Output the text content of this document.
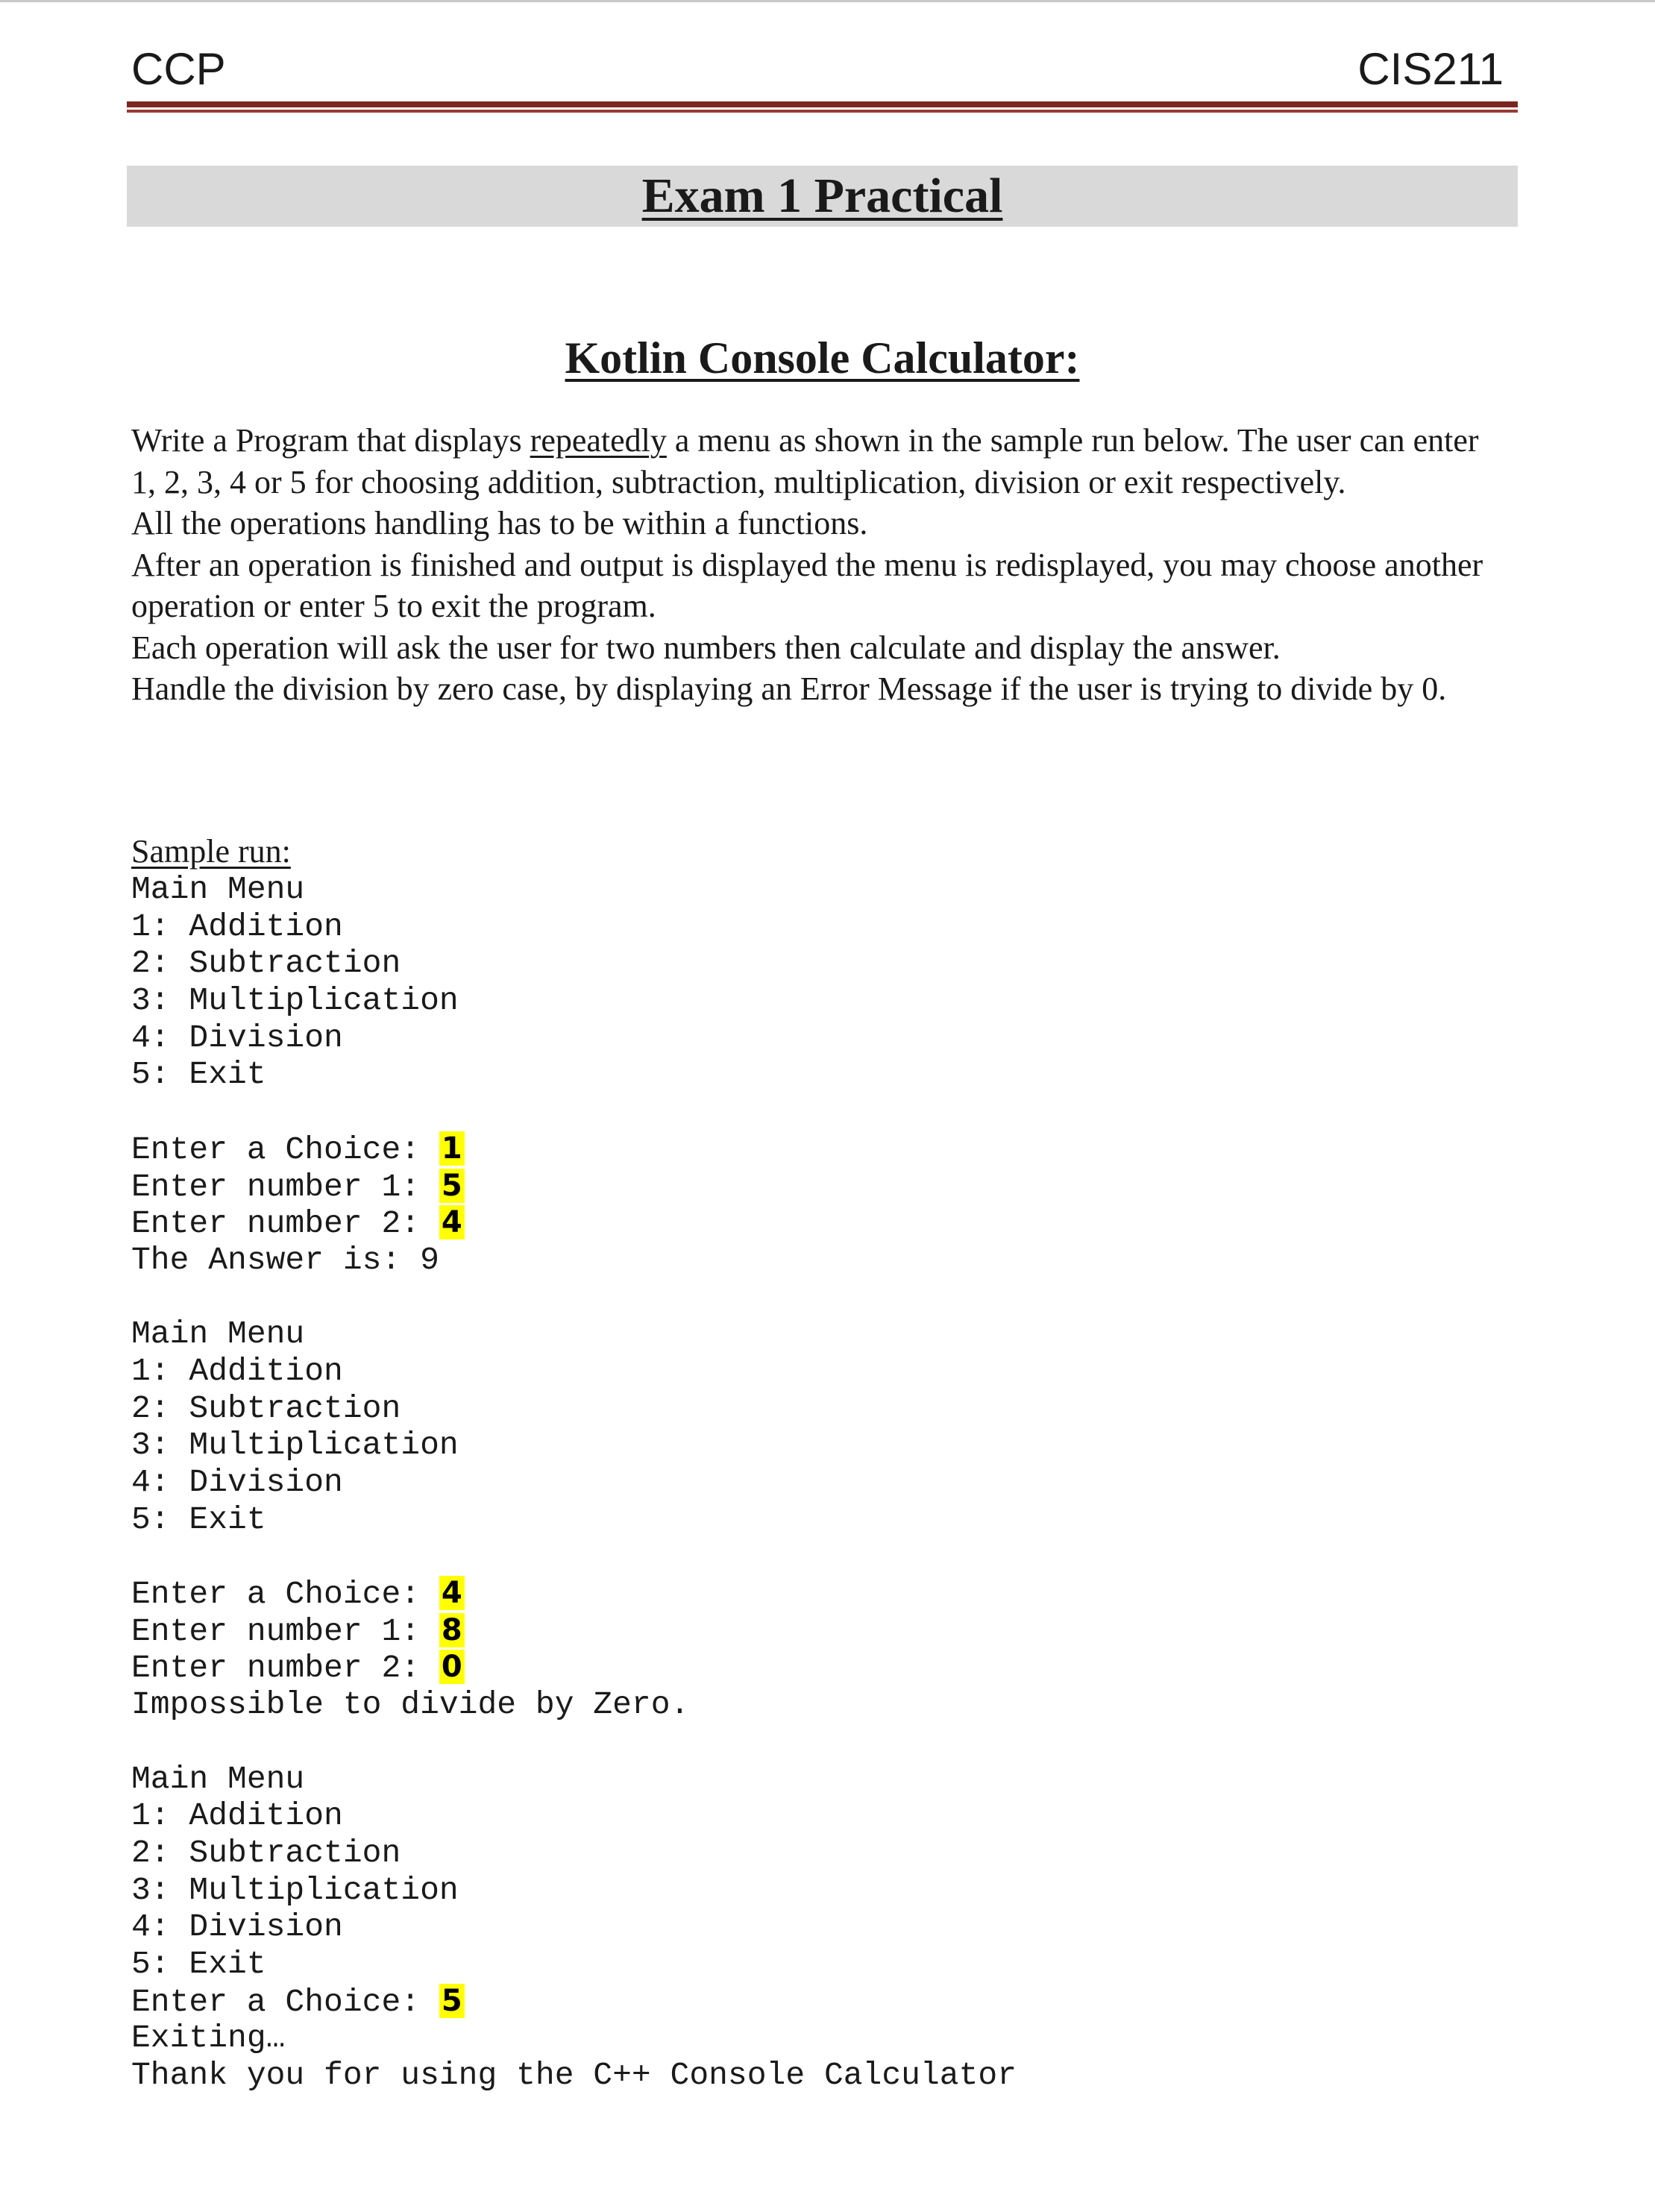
CCP	CIS211
Exam 1 Practical
Kotlin Console Calculator:

Write a Program that displays repeatedly a menu as shown in the sample run below. The user can enter 1, 2, 3, 4 or 5 for choosing addition, subtraction, multiplication, division or exit respectively.

All the operations handling has to be within a functions.

After an operation is finished and output is displayed the menu is redisplayed, you may choose another operation or enter 5 to exit the program.

Each operation will ask the user for two numbers then calculate and display the answer.

Handle the division by zero case, by displaying an Error Message if the user is trying to divide by 0.

Sample run:
Main Menu
1: Addition
2: Subtraction
3: Multiplication
4: Division
5: Exit
Enter a Choice: 1
Enter number 1: 5
Enter number 2: 4
The Answer is: 9
Main Menu
1: Addition
2: Subtraction
3: Multiplication
4: Division
5: Exit
Enter a Choice: 4
Enter number 1: 8
Enter number 2: 0
Impossible to divide by Zero.
Main Menu
1: Addition
2: Subtraction
3: Multiplication
4: Division
5: Exit
Enter a Choice: 5
Exiting…
Thank you for using the C++ Console Calculator
